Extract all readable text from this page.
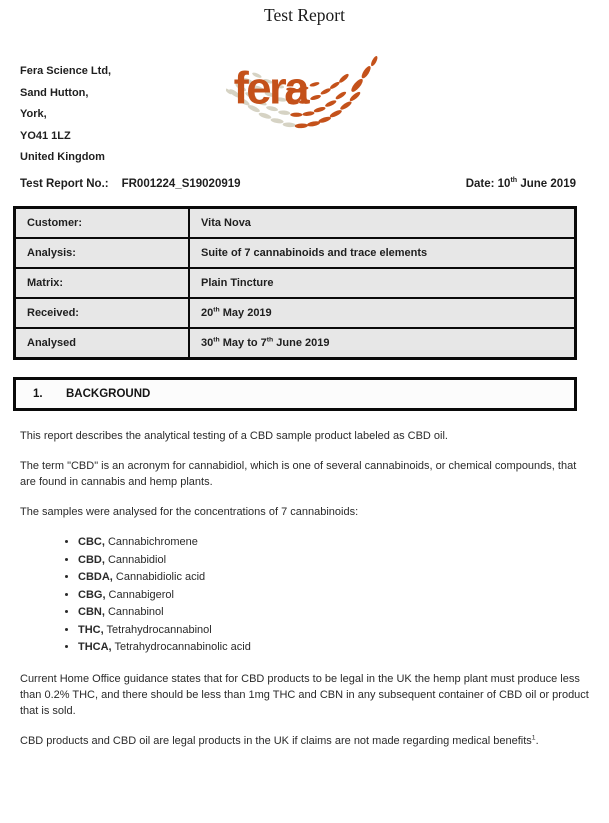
Test Report
Fera Science Ltd,
Sand Hutton,
York,
YO41 1LZ
United Kingdom
fera
Test Report No.: FR001224_S19020919	Date: 10th June 2019
Customer:	Vita Nova
Analysis:	Suite of 7 cannabinoids and trace elements
Matrix:	Plain Tincture
Received:	20th May 2019
Analysed	30th May to 7th June 2019
1.	BACKGROUND

This report describes the analytical testing of a CBD sample product labeled as CBD oil.

The term "CBD" is an acronym for cannabidiol, which is one of several cannabinoids, or chemical compounds, that are found in cannabis and hemp plants.

The samples were analysed for the concentrations of 7 cannabinoids:

• CBC, Cannabichromene
• CBD, Cannabidiol
• CBDA, Cannabidiolic acid
• CBG, Cannabigerol
• CBN, Cannabinol
• THC, Tetrahydrocannabinol
• THCA, Tetrahydrocannabinolic acid

Current Home Office guidance states that for CBD products to be legal in the UK the hemp plant must produce less than 0.2% THC, and there should be less than 1mg THC and CBN in any subsequent container of CBD oil or product that is sold.

CBD products and CBD oil are legal products in the UK if claims are not made regarding medical benefits$^1$.
